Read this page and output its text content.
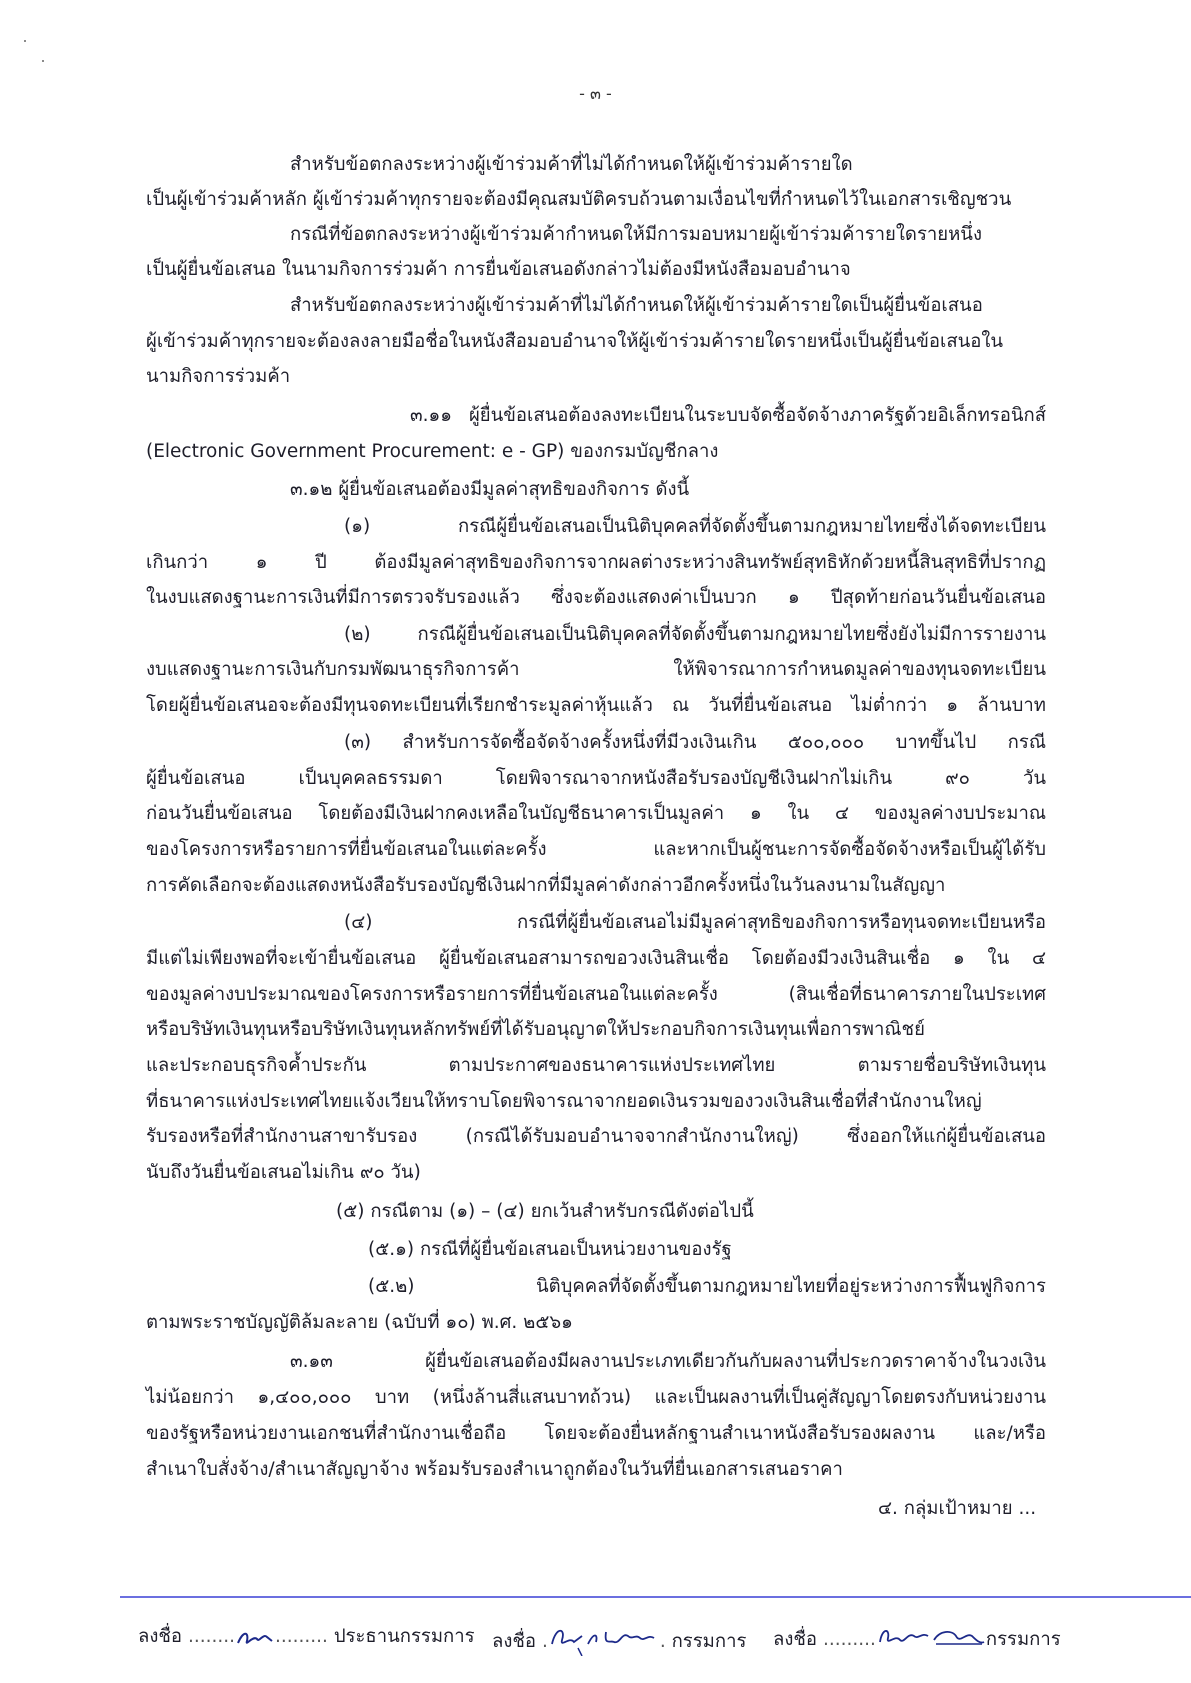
- ๓ -
สำหรับข้อตกลงระหว่างผู้เข้าร่วมค้าที่ไม่ได้กำหนดให้ผู้เข้าร่วมค้ารายใด
เป็นผู้เข้าร่วมค้าหลัก ผู้เข้าร่วมค้าทุกรายจะต้องมีคุณสมบัติครบถ้วนตามเงื่อนไขที่กำหนดไว้ในเอกสารเชิญชวน
กรณีที่ข้อตกลงระหว่างผู้เข้าร่วมค้ากำหนดให้มีการมอบหมายผู้เข้าร่วมค้ารายใดรายหนึ่ง
เป็นผู้ยื่นข้อเสนอ ในนามกิจการร่วมค้า การยื่นข้อเสนอดังกล่าวไม่ต้องมีหนังสือมอบอำนาจ
สำหรับข้อตกลงระหว่างผู้เข้าร่วมค้าที่ไม่ได้กำหนดให้ผู้เข้าร่วมค้ารายใดเป็นผู้ยื่นข้อเสนอ
ผู้เข้าร่วมค้าทุกรายจะต้องลงลายมือชื่อในหนังสือมอบอำนาจให้ผู้เข้าร่วมค้ารายใดรายหนึ่งเป็นผู้ยื่นข้อเสนอใน
นามกิจการร่วมค้า
๓.๑๑ ผู้ยื่นข้อเสนอต้องลงทะเบียนในระบบจัดซื้อจัดจ้างภาครัฐด้วยอิเล็กทรอนิกส์
(Electronic Government Procurement: e - GP) ของกรมบัญชีกลาง
๓.๑๒ ผู้ยื่นข้อเสนอต้องมีมูลค่าสุทธิของกิจการ ดังนี้
(๑) กรณีผู้ยื่นข้อเสนอเป็นนิติบุคคลที่จัดตั้งขึ้นตามกฎหมายไทยซึ่งได้จดทะเบียน
เกินกว่า ๑ ปี ต้องมีมูลค่าสุทธิของกิจการจากผลต่างระหว่างสินทรัพย์สุทธิหักด้วยหนี้สินสุทธิที่ปรากฏ
ในงบแสดงฐานะการเงินที่มีการตรวจรับรองแล้ว ซึ่งจะต้องแสดงค่าเป็นบวก ๑ ปีสุดท้ายก่อนวันยื่นข้อเสนอ
(๒) กรณีผู้ยื่นข้อเสนอเป็นนิติบุคคลที่จัดตั้งขึ้นตามกฎหมายไทยซึ่งยังไม่มีการรายงาน
งบแสดงฐานะการเงินกับกรมพัฒนาธุรกิจการค้า ให้พิจารณาการกำหนดมูลค่าของทุนจดทะเบียน
โดยผู้ยื่นข้อเสนอจะต้องมีทุนจดทะเบียนที่เรียกชำระมูลค่าหุ้นแล้ว ณ วันที่ยื่นข้อเสนอ ไม่ต่ำกว่า ๑ ล้านบาท
(๓) สำหรับการจัดซื้อจัดจ้างครั้งหนึ่งที่มีวงเงินเกิน ๕๐๐,๐๐๐ บาทขึ้นไป กรณี
ผู้ยื่นข้อเสนอ เป็นบุคคลธรรมดา โดยพิจารณาจากหนังสือรับรองบัญชีเงินฝากไม่เกิน ๙๐ วัน
ก่อนวันยื่นข้อเสนอ โดยต้องมีเงินฝากคงเหลือในบัญชีธนาคารเป็นมูลค่า ๑ ใน ๔ ของมูลค่างบประมาณ
ของโครงการหรือรายการที่ยื่นข้อเสนอในแต่ละครั้ง และหากเป็นผู้ชนะการจัดซื้อจัดจ้างหรือเป็นผู้ได้รับ
การคัดเลือกจะต้องแสดงหนังสือรับรองบัญชีเงินฝากที่มีมูลค่าดังกล่าวอีกครั้งหนึ่งในวันลงนามในสัญญา
(๔) กรณีที่ผู้ยื่นข้อเสนอไม่มีมูลค่าสุทธิของกิจการหรือทุนจดทะเบียนหรือ
มีแต่ไม่เพียงพอที่จะเข้ายื่นข้อเสนอ ผู้ยื่นข้อเสนอสามารถขอวงเงินสินเชื่อ โดยต้องมีวงเงินสินเชื่อ ๑ ใน ๔
ของมูลค่างบประมาณของโครงการหรือรายการที่ยื่นข้อเสนอในแต่ละครั้ง (สินเชื่อที่ธนาคารภายในประเทศ
หรือบริษัทเงินทุนหรือบริษัทเงินทุนหลักทรัพย์ที่ได้รับอนุญาตให้ประกอบกิจการเงินทุนเพื่อการพาณิชย์
และประกอบธุรกิจค้ำประกัน ตามประกาศของธนาคารแห่งประเทศไทย ตามรายชื่อบริษัทเงินทุน
ที่ธนาคารแห่งประเทศไทยแจ้งเวียนให้ทราบโดยพิจารณาจากยอดเงินรวมของวงเงินสินเชื่อที่สำนักงานใหญ่
รับรองหรือที่สำนักงานสาขารับรอง (กรณีได้รับมอบอำนาจจากสำนักงานใหญ่) ซึ่งออกให้แก่ผู้ยื่นข้อเสนอ
นับถึงวันยื่นข้อเสนอไม่เกิน ๙๐ วัน)
(๕) กรณีตาม (๑) – (๔) ยกเว้นสำหรับกรณีดังต่อไปนี้
(๕.๑) กรณีที่ผู้ยื่นข้อเสนอเป็นหน่วยงานของรัฐ
(๕.๒) นิติบุคคลที่จัดตั้งขึ้นตามกฎหมายไทยที่อยู่ระหว่างการฟื้นฟูกิจการ
ตามพระราชบัญญัติล้มละลาย (ฉบับที่ ๑๐) พ.ศ. ๒๕๖๑
๓.๑๓ ผู้ยื่นข้อเสนอต้องมีผลงานประเภทเดียวกันกับผลงานที่ประกวดราคาจ้างในวงเงิน
ไม่น้อยกว่า ๑,๔๐๐,๐๐๐ บาท (หนึ่งล้านสี่แสนบาทถ้วน) และเป็นผลงานที่เป็นคู่สัญญาโดยตรงกับหน่วยงาน
ของรัฐหรือหน่วยงานเอกชนที่สำนักงานเชื่อถือ โดยจะต้องยื่นหลักฐานสำเนาหนังสือรับรองผลงาน และ/หรือ
สำเนาใบสั่งจ้าง/สำเนาสัญญาจ้าง พร้อมรับรองสำเนาถูกต้องในวันที่ยื่นเอกสารเสนอราคา
๔. กลุ่มเป้าหมาย ...
ลงชื่อ ........ ......... ประธานกรรมการ ลงชื่อ .	. กรรมการ ลงชื่อ .........	กรรมการ
